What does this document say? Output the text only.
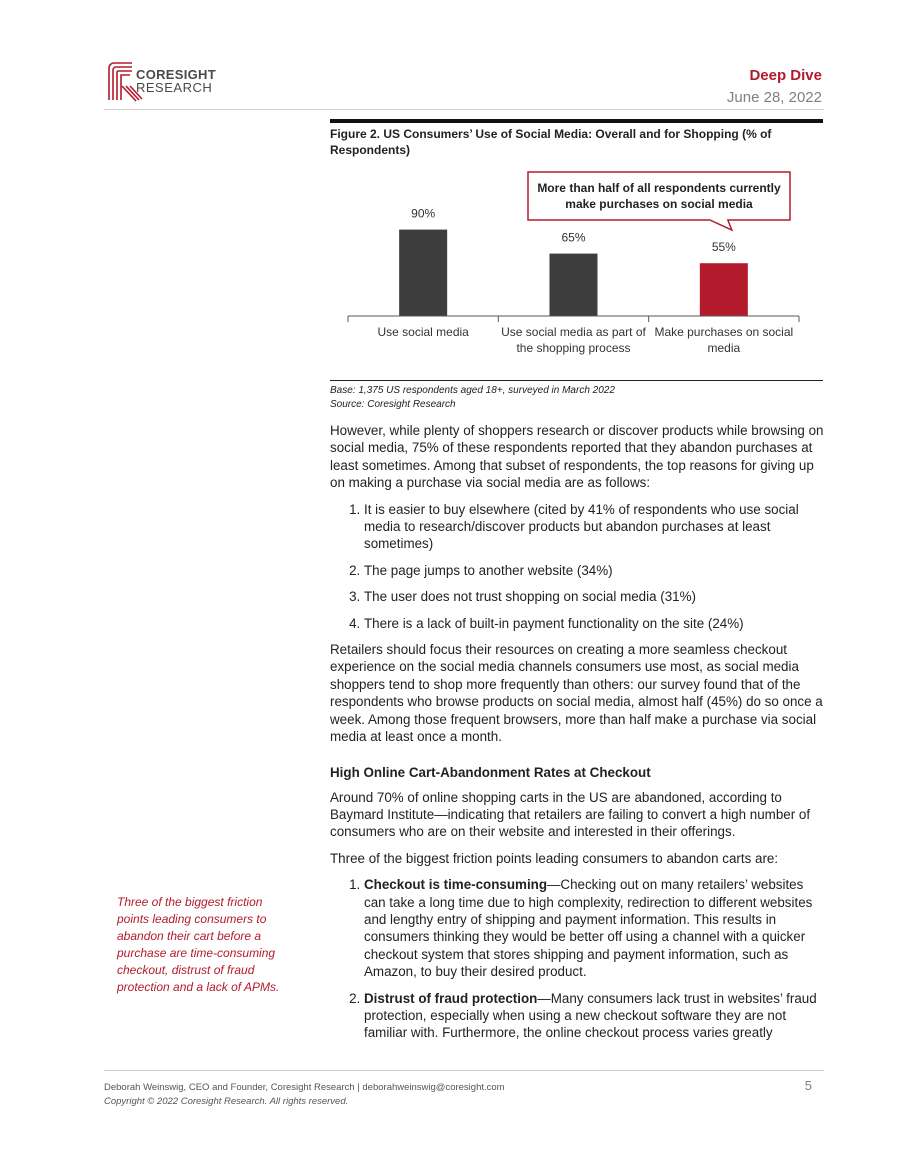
CORESIGHT
RESEARCH
Deep Dive
June 28, 2022
Figure 2. US Consumers’ Use of Social Media: Overall and for Shopping (% of Respondents)
90%
65%
55%
Use social media	Use social media as part of the shopping process
Make purchases on social media
More than half of all respondents currently make purchases on social media
Base: 1,375 US respondents aged 18+, surveyed in March 2022
Source: Coresight Research

However, while plenty of shoppers research or discover products while browsing on social media, 75% of these respondents reported that they abandon purchases at least sometimes. Among that subset of respondents, the top reasons for giving up on making a purchase via social media are as follows:

1. It is easier to buy elsewhere (cited by 41% of respondents who use social media to research/discover products but abandon purchases at least sometimes)
2. The page jumps to another website (34%)
3. The user does not trust shopping on social media (31%)
4. There is a lack of built-in payment functionality on the site (24%)

Retailers should focus their resources on creating a more seamless checkout experience on the social media channels consumers use most, as social media shoppers tend to shop more frequently than others: our survey found that of the respondents who browse products on social media, almost half (45%) do so once a week. Among those frequent browsers, more than half make a purchase via social media at least once a month.

High Online Cart-Abandonment Rates at Checkout

Around 70% of online shopping carts in the US are abandoned, according to Baymard Institute—indicating that retailers are failing to convert a high number of consumers who are on their website and interested in their offerings.

Three of the biggest friction points leading consumers to abandon carts are:

1. Checkout is time-consuming—Checking out on many retailers’ websites can take a long time due to high complexity, redirection to different websites and lengthy entry of shipping and payment information. This results in consumers thinking they would be better off using a channel with a quicker checkout system that stores shipping and payment information, such as Amazon, to buy their desired product.
2. Distrust of fraud protection—Many consumers lack trust in websites’ fraud protection, especially when using a new checkout software they are not familiar with. Furthermore, the online checkout process varies greatly
Three of the biggest friction points leading consumers to abandon their cart before a purchase are time-consuming checkout, distrust of fraud protection and a lack of APMs.
Deborah Weinswig, CEO and Founder, Coresight Research | deborahweinswig@coresight.com
Copyright © 2022 Coresight Research. All rights reserved.
5
